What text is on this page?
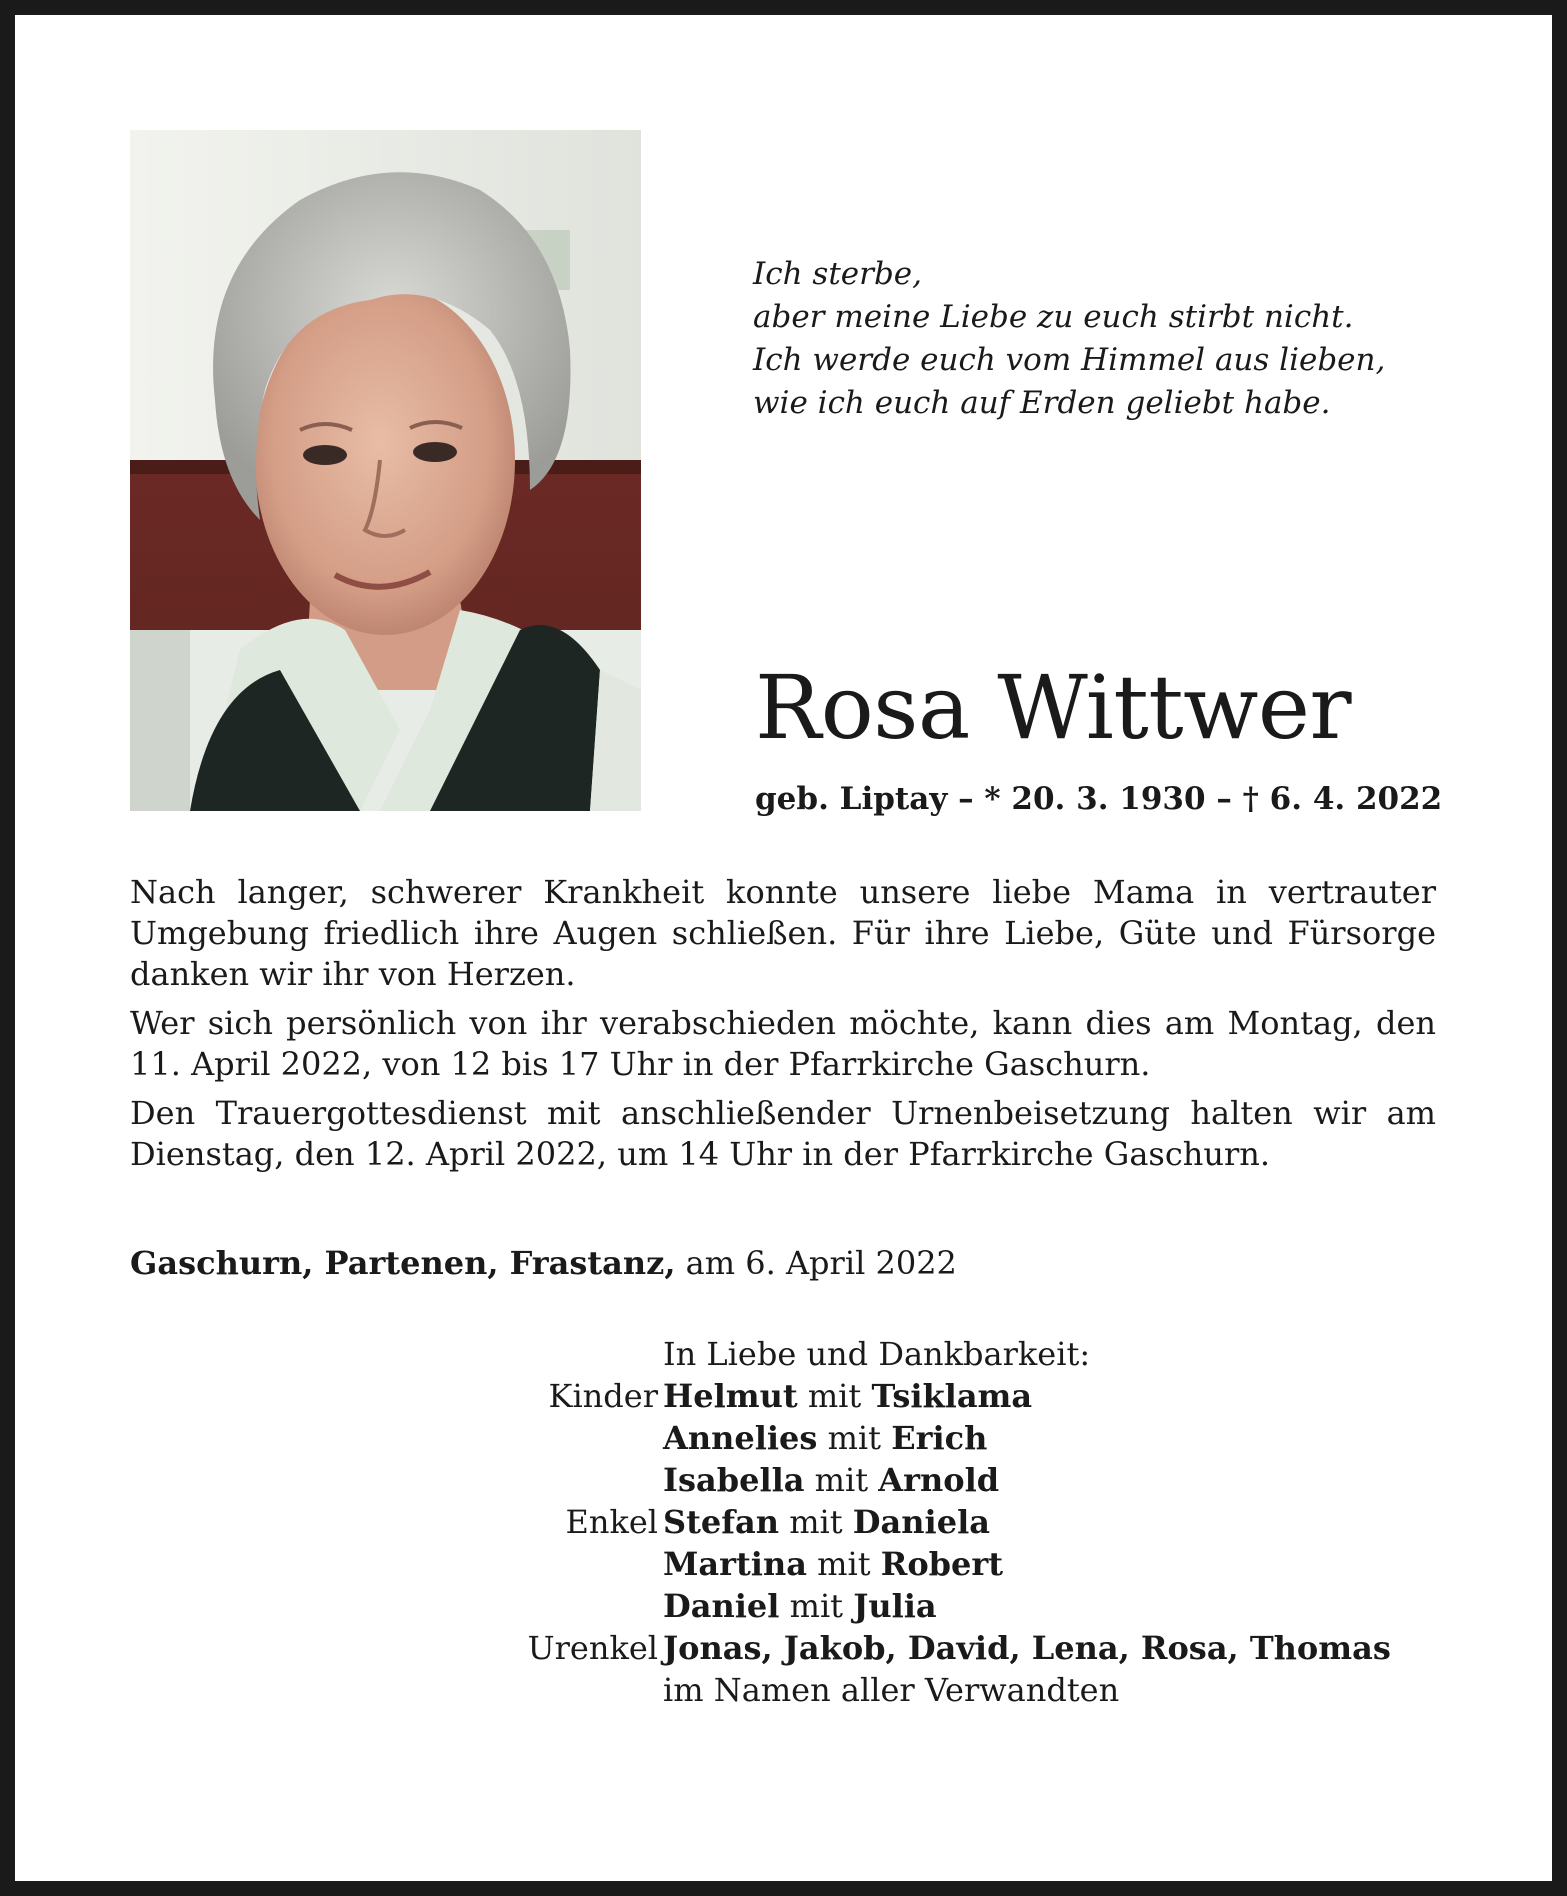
Ich sterbe,
aber meine Liebe zu euch stirbt nicht.
Ich werde euch vom Himmel aus lieben,
wie ich euch auf Erden geliebt habe.
Rosa Wittwer
geb. Liptay – * 20. 3. 1930 – † 6. 4. 2022

Nach langer, schwerer Krankheit konnte unsere liebe Mama in vertrauter Umgebung friedlich ihre Augen schließen. Für ihre Liebe, Güte und Fürsorge danken wir ihr von Herzen.

Wer sich persönlich von ihr verabschieden möchte, kann dies am Montag, den 11. April 2022, von 12 bis 17 Uhr in der Pfarrkirche Gaschurn.

Den Trauergottesdienst mit anschließender Urnenbeisetzung halten wir am Dienstag, den 12. April 2022, um 14 Uhr in der Pfarrkirche Gaschurn.

Gaschurn, Partenen, Frastanz, am 6. April 2022
In Liebe und Dankbarkeit:
Kinder Helmut mit Tsiklama
Annelies mit Erich
Isabella mit Arnold
Enkel Stefan mit Daniela
Martina mit Robert
Daniel mit Julia
Urenkel Jonas, Jakob, David, Lena, Rosa, Thomas
im Namen aller Verwandten
